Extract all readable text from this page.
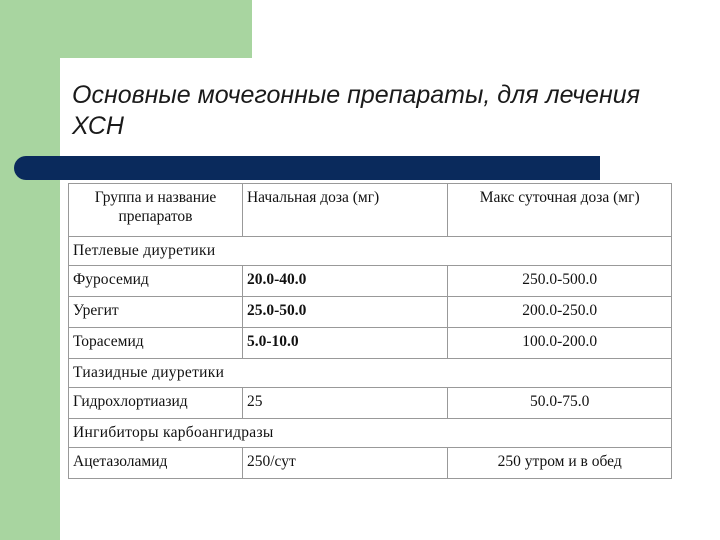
Основные мочегонные препараты, для лечения ХСН
Группа и название препаратов	Начальная доза (мг)	Макс суточная доза (мг)
Петлевые диуретики		
Фуросемид	20.0-40.0	250.0-500.0
Урегит	25.0-50.0	200.0-250.0
Торасемид	5.0-10.0	100.0-200.0
Тиазидные диуретики		
Гидрохлортиазид	25	50.0-75.0
Ингибиторы карбоангидразы		
Ацетазоламид	250/сут	250 утром и в обед
